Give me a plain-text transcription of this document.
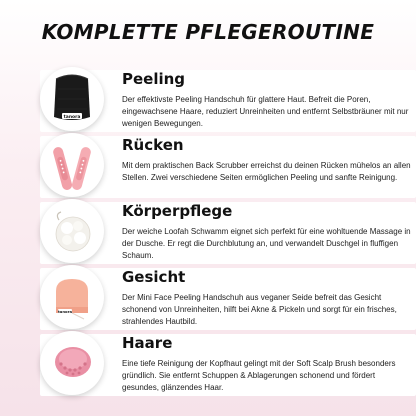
KOMPLETTE PFLEGEROUTINE
tanora
Peeling
Der effektivste Peeling Handschuh für glattere Haut. Befreit die Poren, eingewachsene Haare, reduziert Unreinheiten und entfernt Selbstbräuner mit nur wenigen Bewegungen.
Rücken
Mit dem praktischen Back Scrubber erreichst du deinen Rücken mühelos an allen Stellen. Zwei verschiedene Seiten ermöglichen Peeling und sanfte Reinigung.
Körperpflege
Der weiche Loofah Schwamm eignet sich perfekt für eine wohltuende Massage in der Dusche. Er regt die Durchblutung an, und verwandelt Duschgel in fluffigen Schaum.
tanora
Gesicht
Der Mini Face Peeling Handschuh aus veganer Seide befreit das Gesicht schonend von Unreinheiten, hilft bei Akne & Pickeln und sorgt für ein frisches, strahlendes Hautbild.
Haare
Eine tiefe Reinigung der Kopfhaut gelingt mit der Soft Scalp Brush besonders gründlich. Sie entfernt Schuppen & Ablagerungen schonend und fördert gesundes, glänzendes Haar.
